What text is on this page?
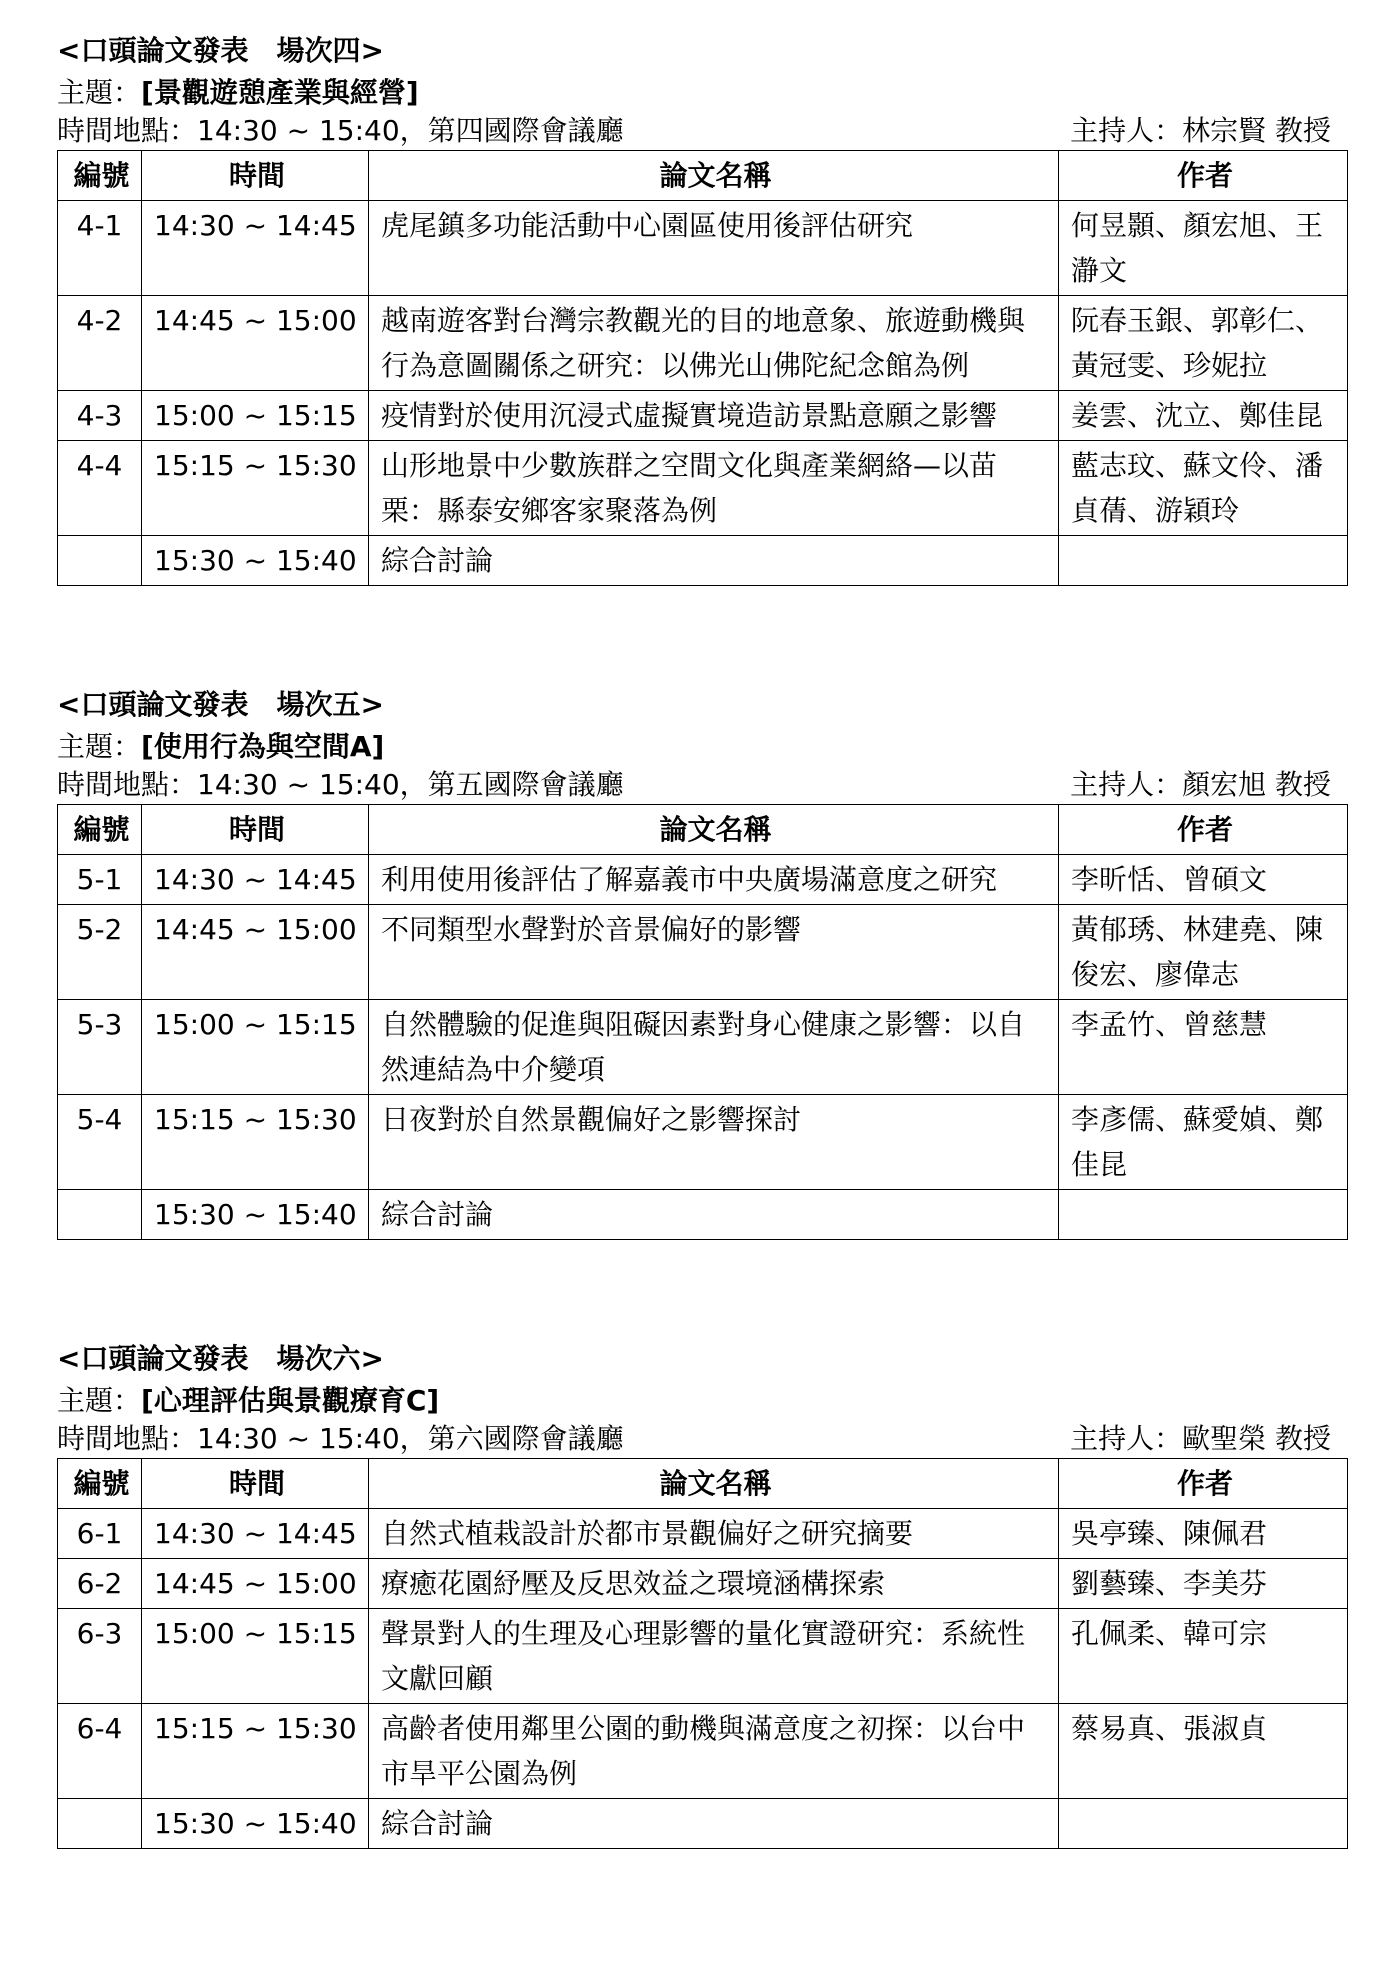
<口頭論文發表　場次四>
主題：[景觀遊憩產業與經營]
時間地點：14:30 ~ 15:40，第四國際會議廳	主持人：林宗賢 教授
編號	時間	論文名稱	作者
4-1	14:30 ~ 14:45	虎尾鎮多功能活動中心園區使用後評估研究	何昱顥、顏宏旭、王瀞文
4-2	14:45 ~ 15:00	越南遊客對台灣宗教觀光的目的地意象、旅遊動機與行為意圖關係之研究：以佛光山佛陀紀念館為例	阮春玉銀、郭彰仁、黃冠雯、珍妮拉
4-3	15:00 ~ 15:15	疫情對於使用沉浸式虛擬實境造訪景點意願之影響	姜雲、沈立、鄭佳昆
4-4	15:15 ~ 15:30	山形地景中少數族群之空間文化與產業網絡—以苗栗：縣泰安鄉客家聚落為例	藍志玟、蘇文伶、潘貞蒨、游穎玲
	15:30 ~ 15:40	綜合討論	
<口頭論文發表　場次五>
主題：[使用行為與空間A]
時間地點：14:30 ~ 15:40，第五國際會議廳	主持人：顏宏旭 教授
編號	時間	論文名稱	作者
5-1	14:30 ~ 14:45	利用使用後評估了解嘉義市中央廣場滿意度之研究	李昕恬、曾碩文
5-2	14:45 ~ 15:00	不同類型水聲對於音景偏好的影響	黃郁琇、林建堯、陳俊宏、廖偉志
5-3	15:00 ~ 15:15	自然體驗的促進與阻礙因素對身心健康之影響：以自然連結為中介變項	李孟竹、曾慈慧
5-4	15:15 ~ 15:30	日夜對於自然景觀偏好之影響探討	李彥儒、蘇愛媜、鄭佳昆
	15:30 ~ 15:40	綜合討論	
<口頭論文發表　場次六>
主題：[心理評估與景觀療育C]
時間地點：14:30 ~ 15:40，第六國際會議廳	主持人：歐聖榮 教授
編號	時間	論文名稱	作者
6-1	14:30 ~ 14:45	自然式植栽設計於都市景觀偏好之研究摘要	吳亭臻、陳佩君
6-2	14:45 ~ 15:00	療癒花園紓壓及反思效益之環境涵構探索	劉藝臻、李美芬
6-3	15:00 ~ 15:15	聲景對人的生理及心理影響的量化實證研究：系統性文獻回顧	孔佩柔、韓可宗
6-4	15:15 ~ 15:30	高齡者使用鄰里公園的動機與滿意度之初探：以台中市旱平公園為例	蔡易真、張淑貞
	15:30 ~ 15:40	綜合討論	
